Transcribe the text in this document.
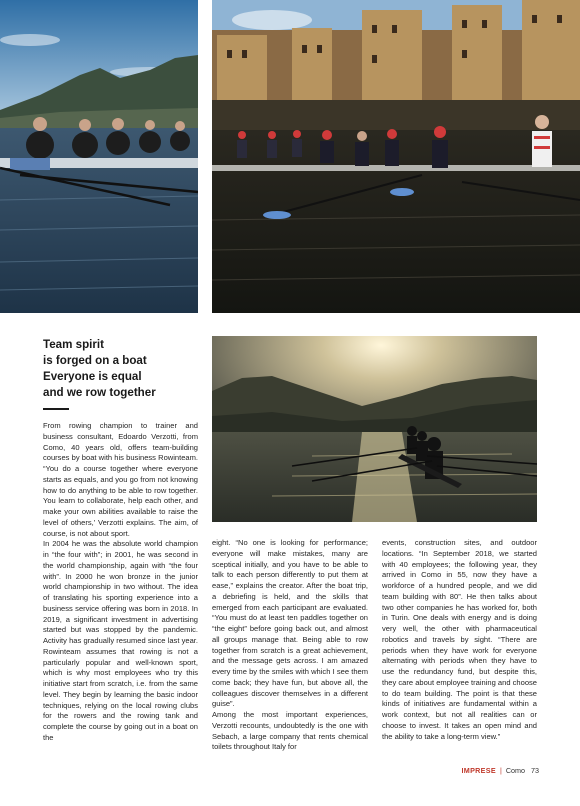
Team spirit
is forged on a boat
Everyone is equal
and we row together

From rowing champion to trainer and business consultant, Edoardo Verzotti, from Como, 40 years old, offers team-building courses by boat with his business Rowinteam. “You do a course together where everyone starts as equals, and you go from not knowing how to do anything to be able to row together. You learn to collaborate, help each other, and make your own abilities available to raise the level of others,’ Verzotti explains. The aim, of course, is not about sport.

In 2004 he was the absolute world champion in “the four with”; in 2001, he was second in the world championship, again with “the four with”. In 2000 he won bronze in the junior world championship in two without. The idea of translating his sporting experience into a business service offering was born in 2018. In 2019, a significant investment in advertising started but was stopped by the pandemic. Activity has gradually resumed since last year. Rowinteam assumes that rowing is not a particularly popular and well-known sport, which is why most employees who try this initiative start from scratch, i.e. from the same level. They begin by learning the basic indoor techniques, relying on the local rowing clubs for the rowers and the rowing tank and complete the course by going out in a boat on the

eight. “No one is looking for performance; everyone will make mistakes, many are sceptical initially, and you have to be able to talk to each person differently to put them at ease,” explains the creator. After the boat trip, a debriefing is held, and the skills that emerged from each participant are evaluated. “You must do at least ten paddles together on “the eight” before going back out, and almost all groups manage that. Being able to row together from scratch is a great achievement, and the message gets across. I am amazed every time by the smiles with which I see them come back; they have fun, but above all, the colleagues discover themselves in a different guise”.

Among the most important experiences, Verzotti recounts, undoubtedly is the one with Sebach, a large company that rents chemical toilets throughout Italy for

events, construction sites, and outdoor locations. “In September 2018, we started with 40 employees; the following year, they arrived in Como in 55, now they have a workforce of a hundred people, and we did team building with 80”. He then talks about two other companies he has worked for, both in Turin. One deals with energy and is doing very well, the other with pharmaceutical robotics and travels by sight. “There are periods when they have work for everyone alternating with periods when they have to use the redundancy fund, but despite this, they care about employee training and choose to do team building. The point is that these kinds of initiatives are fundamental within a work context, but not all realities can or choose to invest. It takes an open mind and the ability to take a long-term view.”

IMPRESE | Como 73
